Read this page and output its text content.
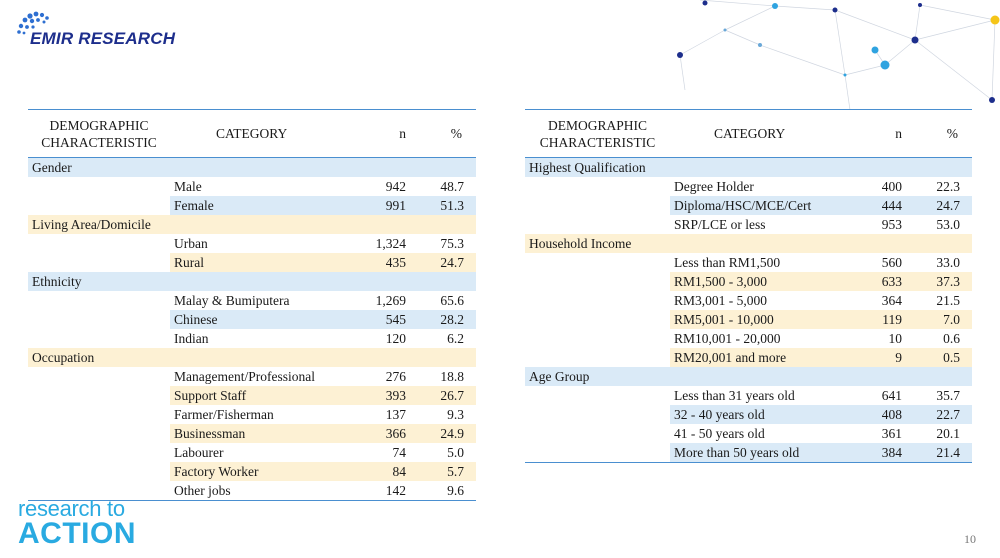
EMIR RESEARCH
DEMOGRAPHIC CHARACTERISTIC	CATEGORY	n	%
Gender			
	Male	942	48.7
	Female	991	51.3
Living Area/Domicile			
	Urban	1,324	75.3
	Rural	435	24.7
Ethnicity			
	Malay & Bumiputera	1,269	65.6
	Chinese	545	28.2
	Indian	120	6.2
Occupation			
	Management/Professional	276	18.8
	Support Staff	393	26.7
	Farmer/Fisherman	137	9.3
	Businessman	366	24.9
	Labourer	74	5.0
	Factory Worker	84	5.7
	Other jobs	142	9.6
DEMOGRAPHIC CHARACTERISTIC	CATEGORY	n	%
Highest Qualification			
	Degree Holder	400	22.3
	Diploma/HSC/MCE/Cert	444	24.7
	SRP/LCE or less	953	53.0
Household Income			
	Less than RM1,500	560	33.0
	RM1,500 - 3,000	633	37.3
	RM3,001 - 5,000	364	21.5
	RM5,001 - 10,000	119	7.0
	RM10,001 - 20,000	10	0.6
	RM20,001 and more	9	0.5
Age Group			
	Less than 31 years old	641	35.7
	32 - 40 years old	408	22.7
	41 - 50 years old	361	20.1
	More than 50 years old	384	21.4
research to
ACTION	10
